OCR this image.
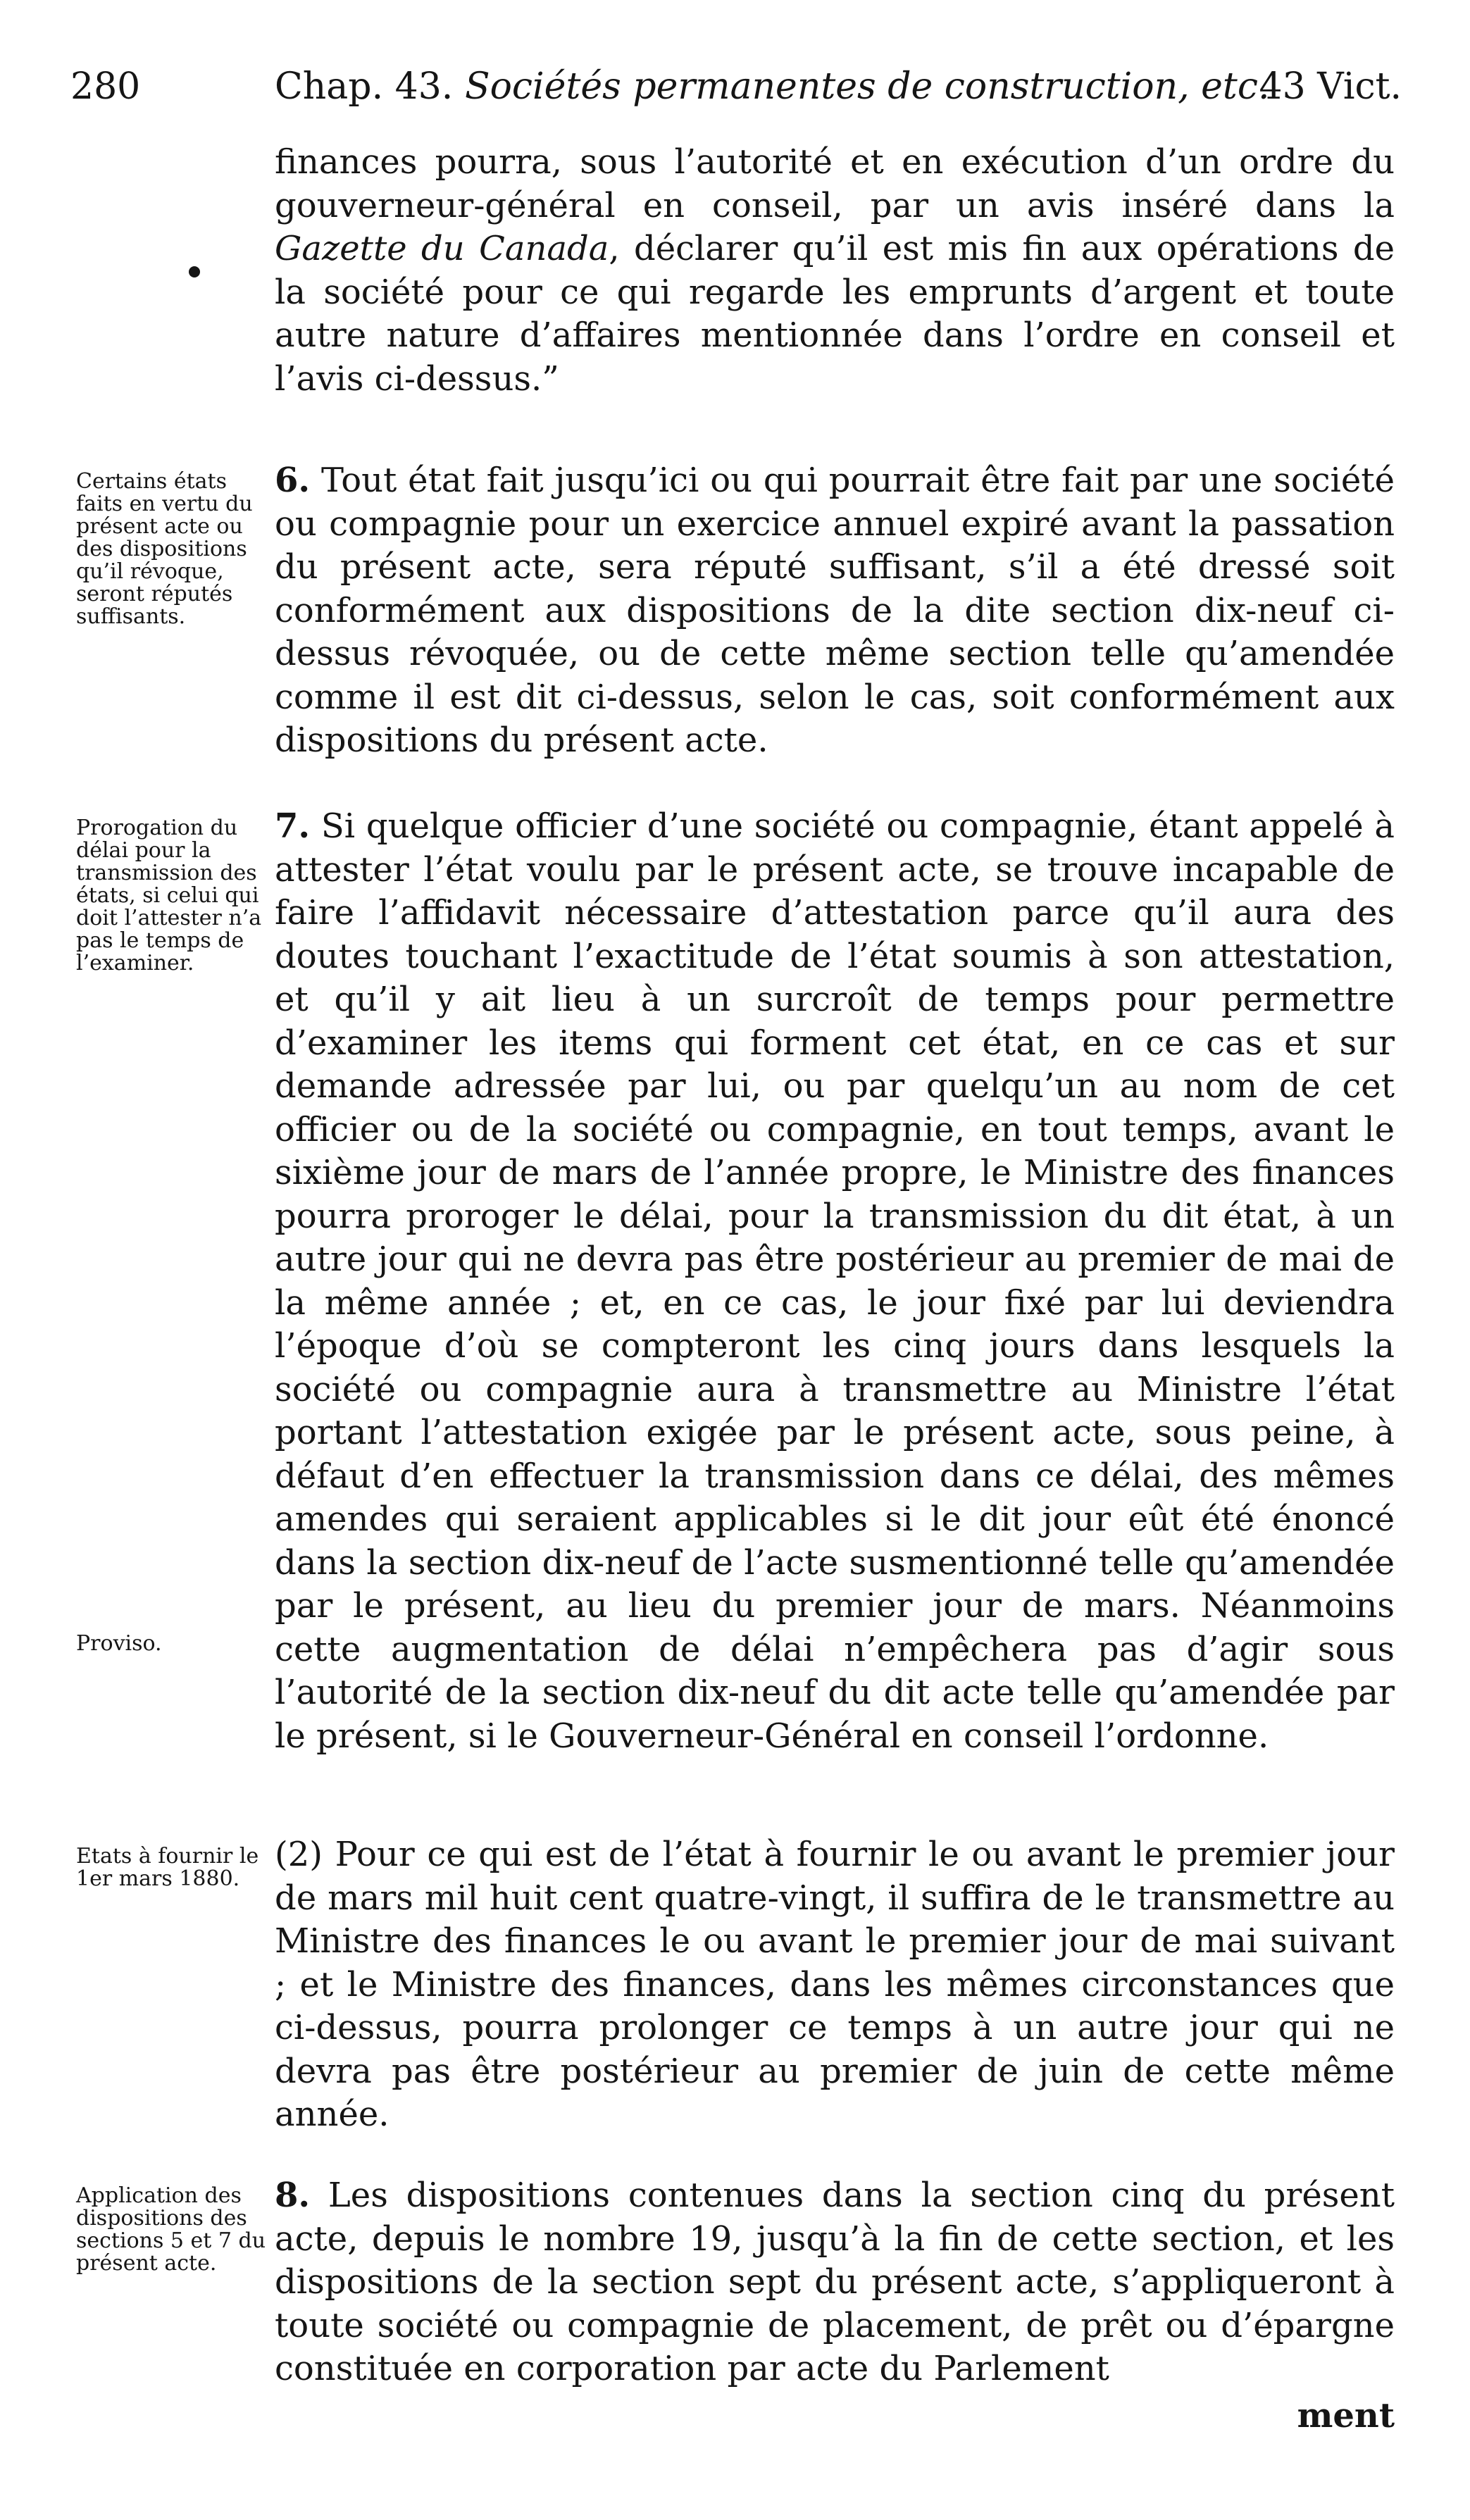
280	Chap. 43. Sociétés permanentes de construction, etc.
43 Vict.

finances pourra, sous l’autorité et en exécution d’un ordre du gouverneur-général en conseil, par un avis inséré dans la Gazette du Canada, déclarer qu’il est mis fin aux opérations de la société pour ce qui regarde les emprunts d’argent et toute autre nature d’affaires mentionnée dans l’ordre en conseil et l’avis ci-dessus.”

Certains états faits en vertu du présent acte ou des dispositions qu’il révoque, seront réputés suffisants.

6. Tout état fait jusqu’ici ou qui pourrait être fait par une société ou compagnie pour un exercice annuel expiré avant la passation du présent acte, sera réputé suffisant, s’il a été dressé soit conformément aux dispositions de la dite section dix-neuf ci-dessus révoquée, ou de cette même section telle qu’amendée comme il est dit ci-dessus, selon le cas, soit conformément aux dispositions du présent acte.

Prorogation du délai pour la transmission des états, si celui qui doit l’attester n’a pas le temps de l’examiner.

Proviso.

7. Si quelque officier d’une société ou compagnie, étant appelé à attester l’état voulu par le présent acte, se trouve incapable de faire l’affidavit nécessaire d’attestation parce qu’il aura des doutes touchant l’exactitude de l’état soumis à son attestation, et qu’il y ait lieu à un surcroît de temps pour permettre d’examiner les items qui forment cet état, en ce cas et sur demande adressée par lui, ou par quelqu’un au nom de cet officier ou de la société ou compagnie, en tout temps, avant le sixième jour de mars de l’année propre, le Ministre des finances pourra proroger le délai, pour la transmission du dit état, à un autre jour qui ne devra pas être postérieur au premier de mai de la même année ; et, en ce cas, le jour fixé par lui deviendra l’époque d’où se compteront les cinq jours dans lesquels la société ou compagnie aura à transmettre au Ministre l’état portant l’attestation exigée par le présent acte, sous peine, à défaut d’en effectuer la transmission dans ce délai, des mêmes amendes qui seraient applicables si le dit jour eût été énoncé dans la section dix-neuf de l’acte susmentionné telle qu’amendée par le présent, au lieu du premier jour de mars. Néanmoins cette augmentation de délai n’empêchera pas d’agir sous l’autorité de la section dix-neuf du dit acte telle qu’amendée par le présent, si le Gouverneur-Général en conseil l’ordonne.

Etats à fournir le 1er mars 1880.

(2) Pour ce qui est de l’état à fournir le ou avant le premier jour de mars mil huit cent quatre-vingt, il suffira de le transmettre au Ministre des finances le ou avant le premier jour de mai suivant ; et le Ministre des finances, dans les mêmes circonstances que ci-dessus, pourra prolonger ce temps à un autre jour qui ne devra pas être postérieur au premier de juin de cette même année.

Application des dispositions des sections 5 et 7 du présent acte.

8. Les dispositions contenues dans la section cinq du présent acte, depuis le nombre 19, jusqu’à la fin de cette section, et les dispositions de la section sept du présent acte, s’appliqueront à toute société ou compagnie de placement, de prêt ou d’épargne constituée en corporation par acte du Parlement

ment
